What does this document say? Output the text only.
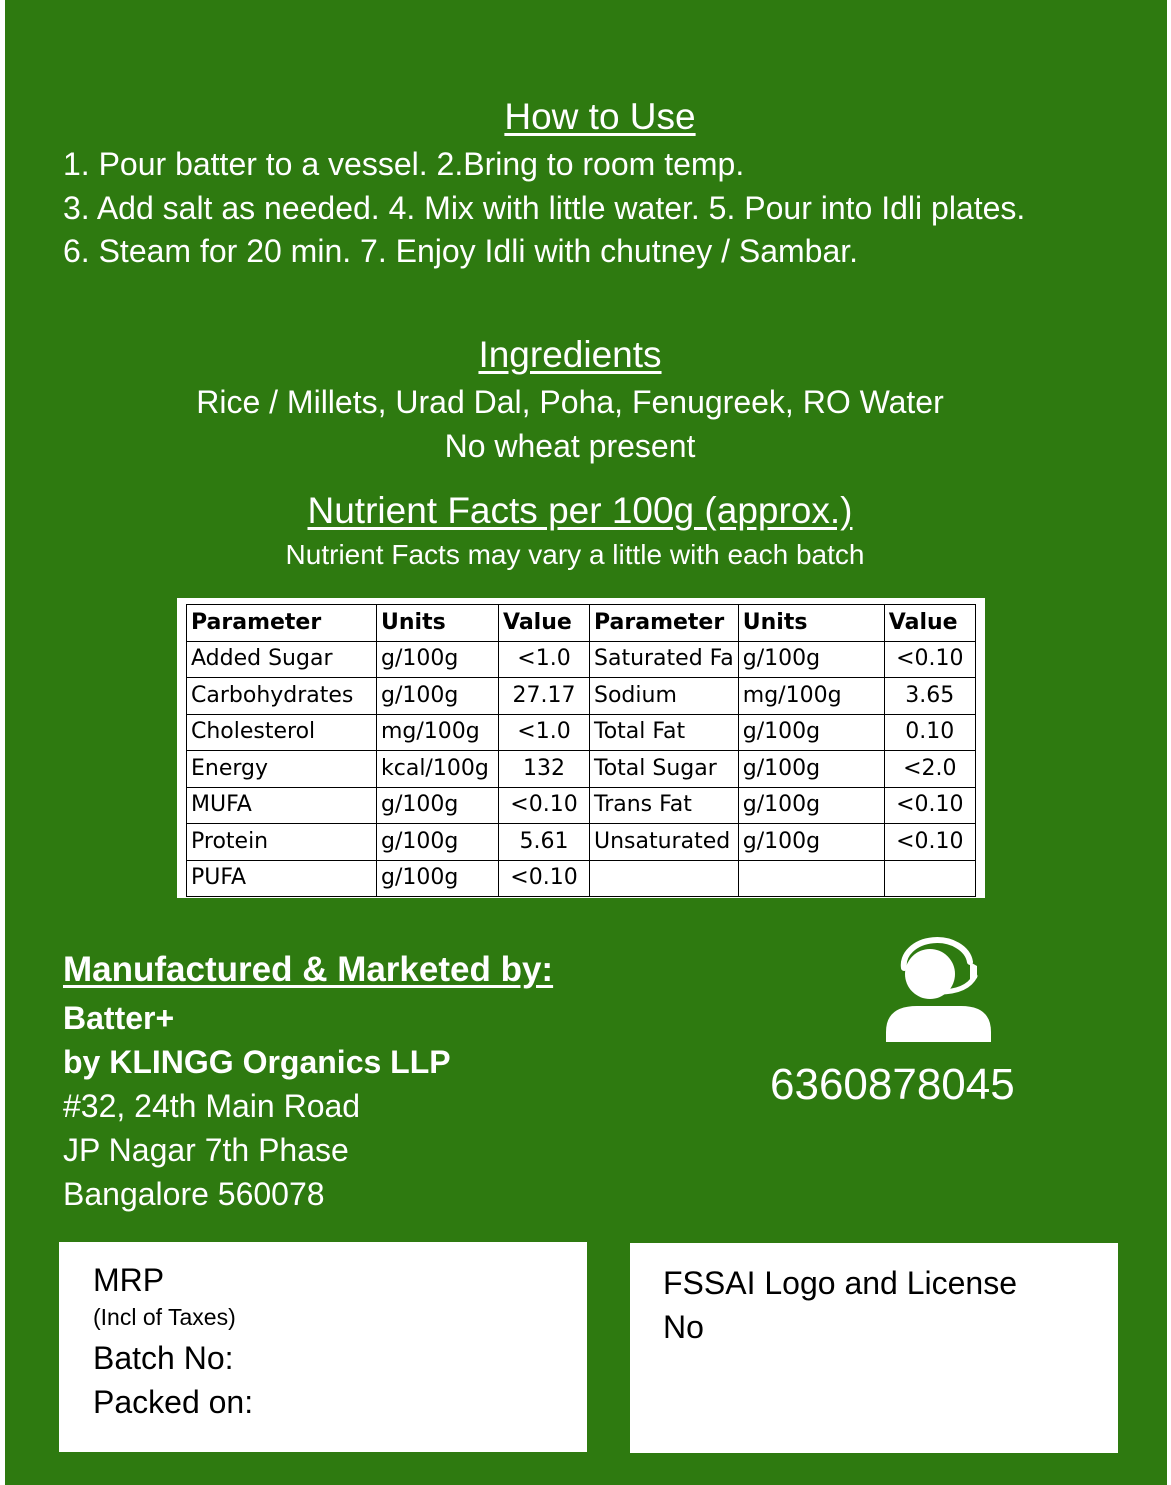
How to Use
1. Pour batter to a vessel. 2.Bring to room temp.
3. Add salt as needed. 4. Mix with little water. 5. Pour into Idli plates.
6. Steam for 20 min. 7. Enjoy Idli with chutney / Sambar.
Ingredients
Rice / Millets, Urad Dal, Poha, Fenugreek, RO Water
No wheat present
Nutrient Facts per 100g (approx.)
Nutrient Facts may vary a little with each batch
Parameter	Units	Value	Parameter	Units	Value
Added Sugar	g/100g	<1.0	Saturated Fa	g/100g	<0.10
Carbohydrates	g/100g	27.17	Sodium	mg/100g	3.65
Cholesterol	mg/100g	<1.0	Total Fat	g/100g	0.10
Energy	kcal/100g	132	Total Sugar	g/100g	<2.0
MUFA	g/100g	<0.10	Trans Fat	g/100g	<0.10
Protein	g/100g	5.61	Unsaturated	g/100g	<0.10
PUFA	g/100g	<0.10			
Manufactured & Marketed by:
Batter+
by KLINGG Organics LLP
#32, 24th Main Road
JP Nagar 7th Phase
Bangalore 560078
6360878045
MRP
(Incl of Taxes)
Batch No:
Packed on:
FSSAI Logo and License
No
